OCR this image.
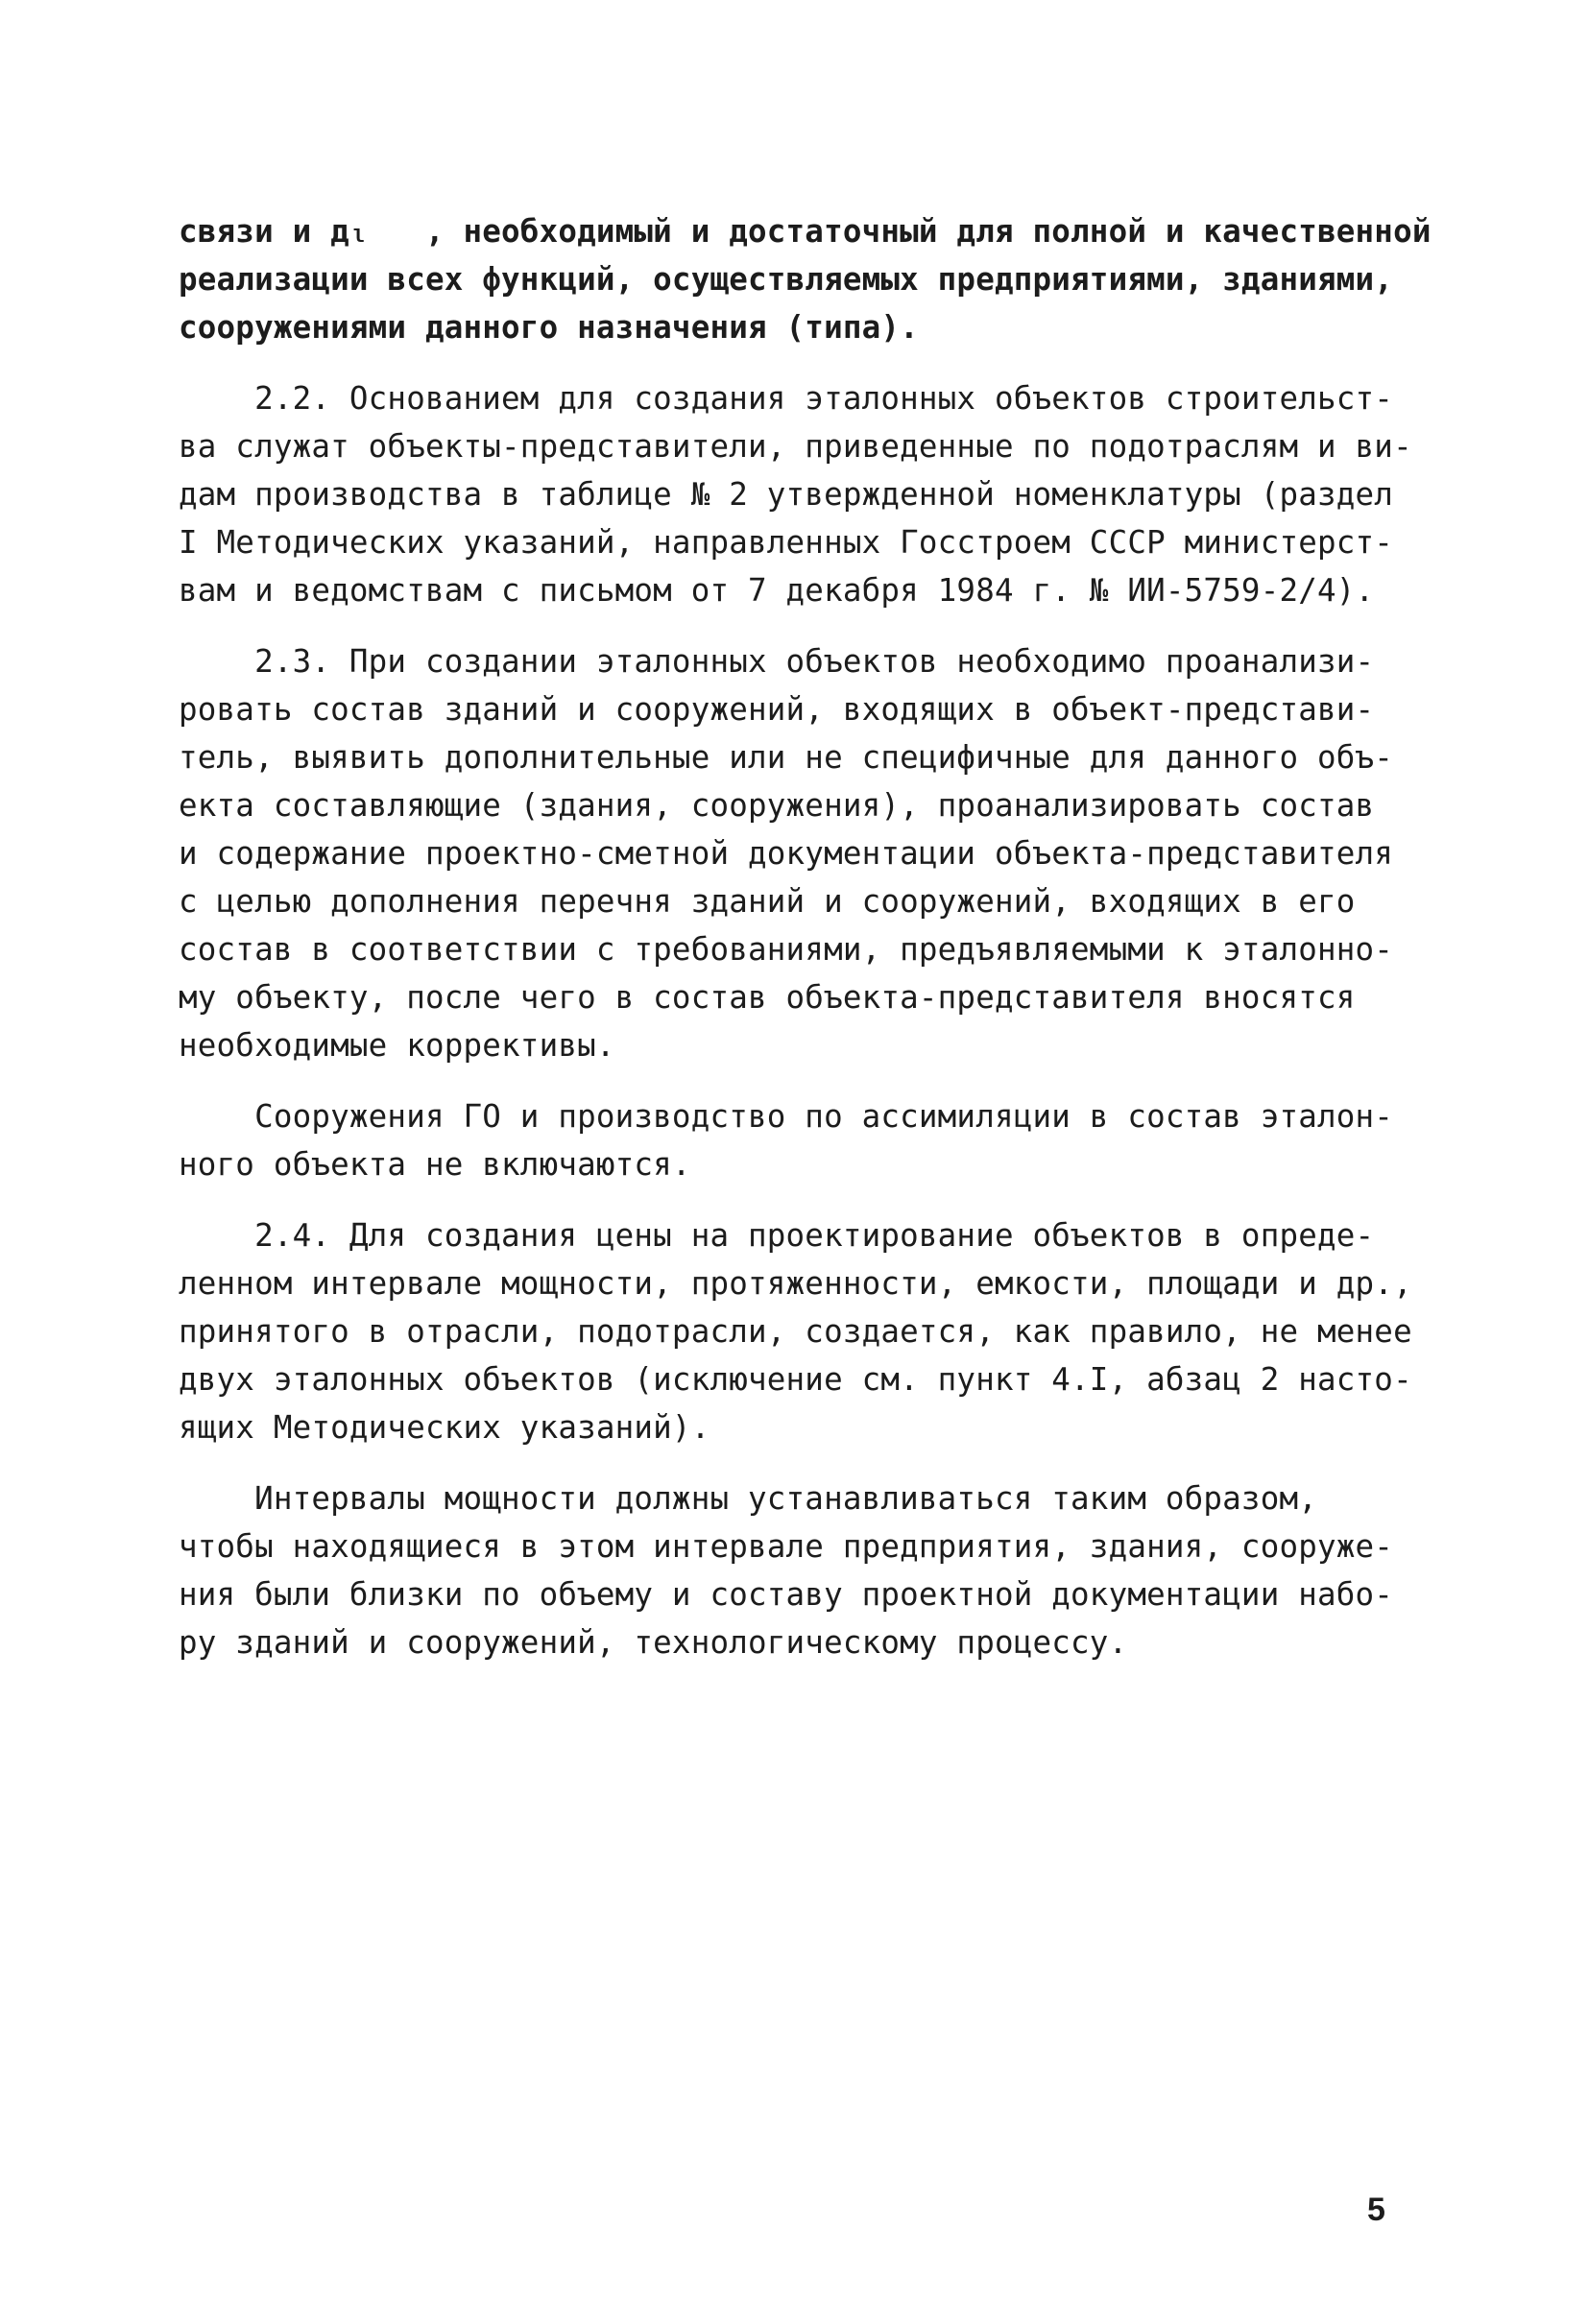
связи и дₗ   , необходимый и достаточный для полной и качественной
реализации всех функций, осуществляемых предприятиями, зданиями,
сооружениями данного назначения (типа).
2.2. Основанием для создания эталонных объектов строительст-
ва служат объекты-представители, приведенные по подотраслям и ви-
дам производства в таблице № 2 утвержденной номенклатуры (раздел
I Методических указаний, направленных Госстроем СССР министерст-
вам и ведомствам с письмом от 7 декабря 1984 г. № ИИ-5759-2/4).
2.3. При создании эталонных объектов необходимо проанализи-
ровать состав зданий и сооружений, входящих в объект-представи-
тель, выявить дополнительные или не специфичные для данного объ-
екта составляющие (здания, сооружения), проанализировать состав
и содержание проектно-сметной документации объекта-представителя
с целью дополнения перечня зданий и сооружений, входящих в его
состав в соответствии с требованиями, предъявляемыми к эталонно-
му объекту, после чего в состав объекта-представителя вносятся
необходимые коррективы.
Сооружения ГО и производство по ассимиляции в состав эталон-
ного объекта не включаются.
2.4. Для создания цены на проектирование объектов в опреде-
ленном интервале мощности, протяженности, емкости, площади и др.,
принятого в отрасли, подотрасли, создается, как правило, не менее
двух эталонных объектов (исключение см. пункт 4.I, абзац 2 насто-
ящих Методических указаний).
Интервалы мощности должны устанавливаться таким образом,
чтобы находящиеся в этом интервале предприятия, здания, сооруже-
ния были близки по объему и составу проектной документации набо-
ру зданий и сооружений, технологическому процессу.
5
